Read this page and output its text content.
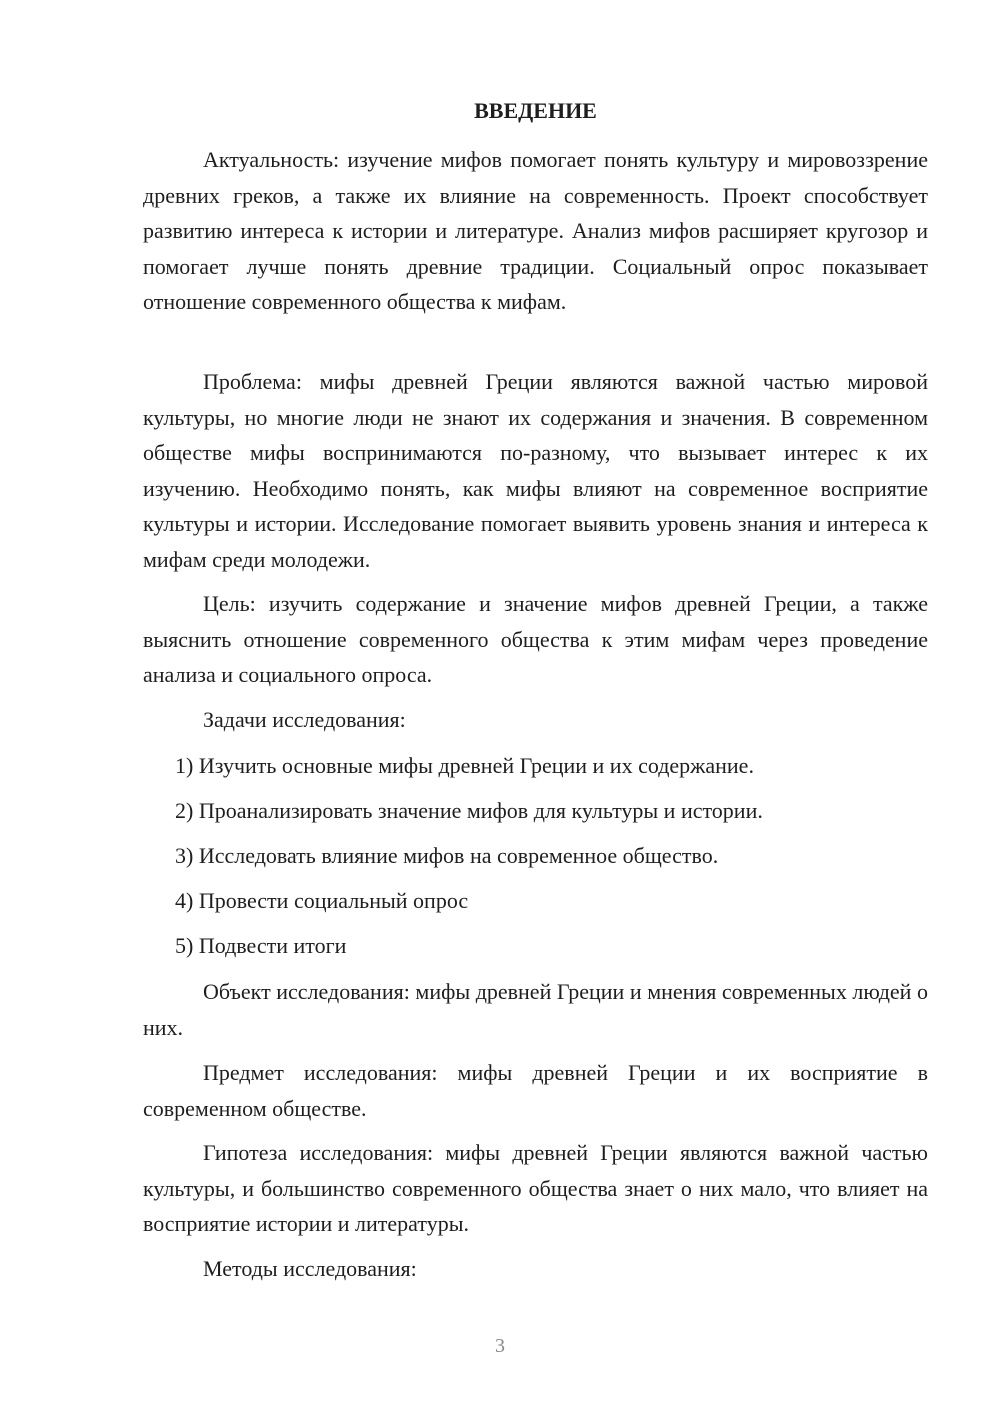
ВВЕДЕНИЕ

Актуальность: изучение мифов помогает понять культуру и мировоззрение древних греков, а также их влияние на современность. Проект способствует развитию интереса к истории и литературе. Анализ мифов расширяет кругозор и помогает лучше понять древние традиции. Социальный опрос показывает отношение современного общества к мифам.

Проблема: мифы древней Греции являются важной частью мировой культуры, но многие люди не знают их содержания и значения. В современном обществе мифы воспринимаются по-разному, что вызывает интерес к их изучению. Необходимо понять, как мифы влияют на современное восприятие культуры и истории. Исследование помогает выявить уровень знания и интереса к мифам среди молодежи.

Цель: изучить содержание и значение мифов древней Греции, а также выяснить отношение современного общества к этим мифам через проведение анализа и социального опроса.

Задачи исследования:

1) Изучить основные мифы древней Греции и их содержание.

2) Проанализировать значение мифов для культуры и истории.

3) Исследовать влияние мифов на современное общество.

4) Провести социальный опрос

5) Подвести итоги

Объект исследования: мифы древней Греции и мнения современных людей о них.

Предмет исследования: мифы древней Греции и их восприятие в современном обществе.

Гипотеза исследования: мифы древней Греции являются важной частью культуры, и большинство современного общества знает о них мало, что влияет на восприятие истории и литературы.

Методы исследования:

3
